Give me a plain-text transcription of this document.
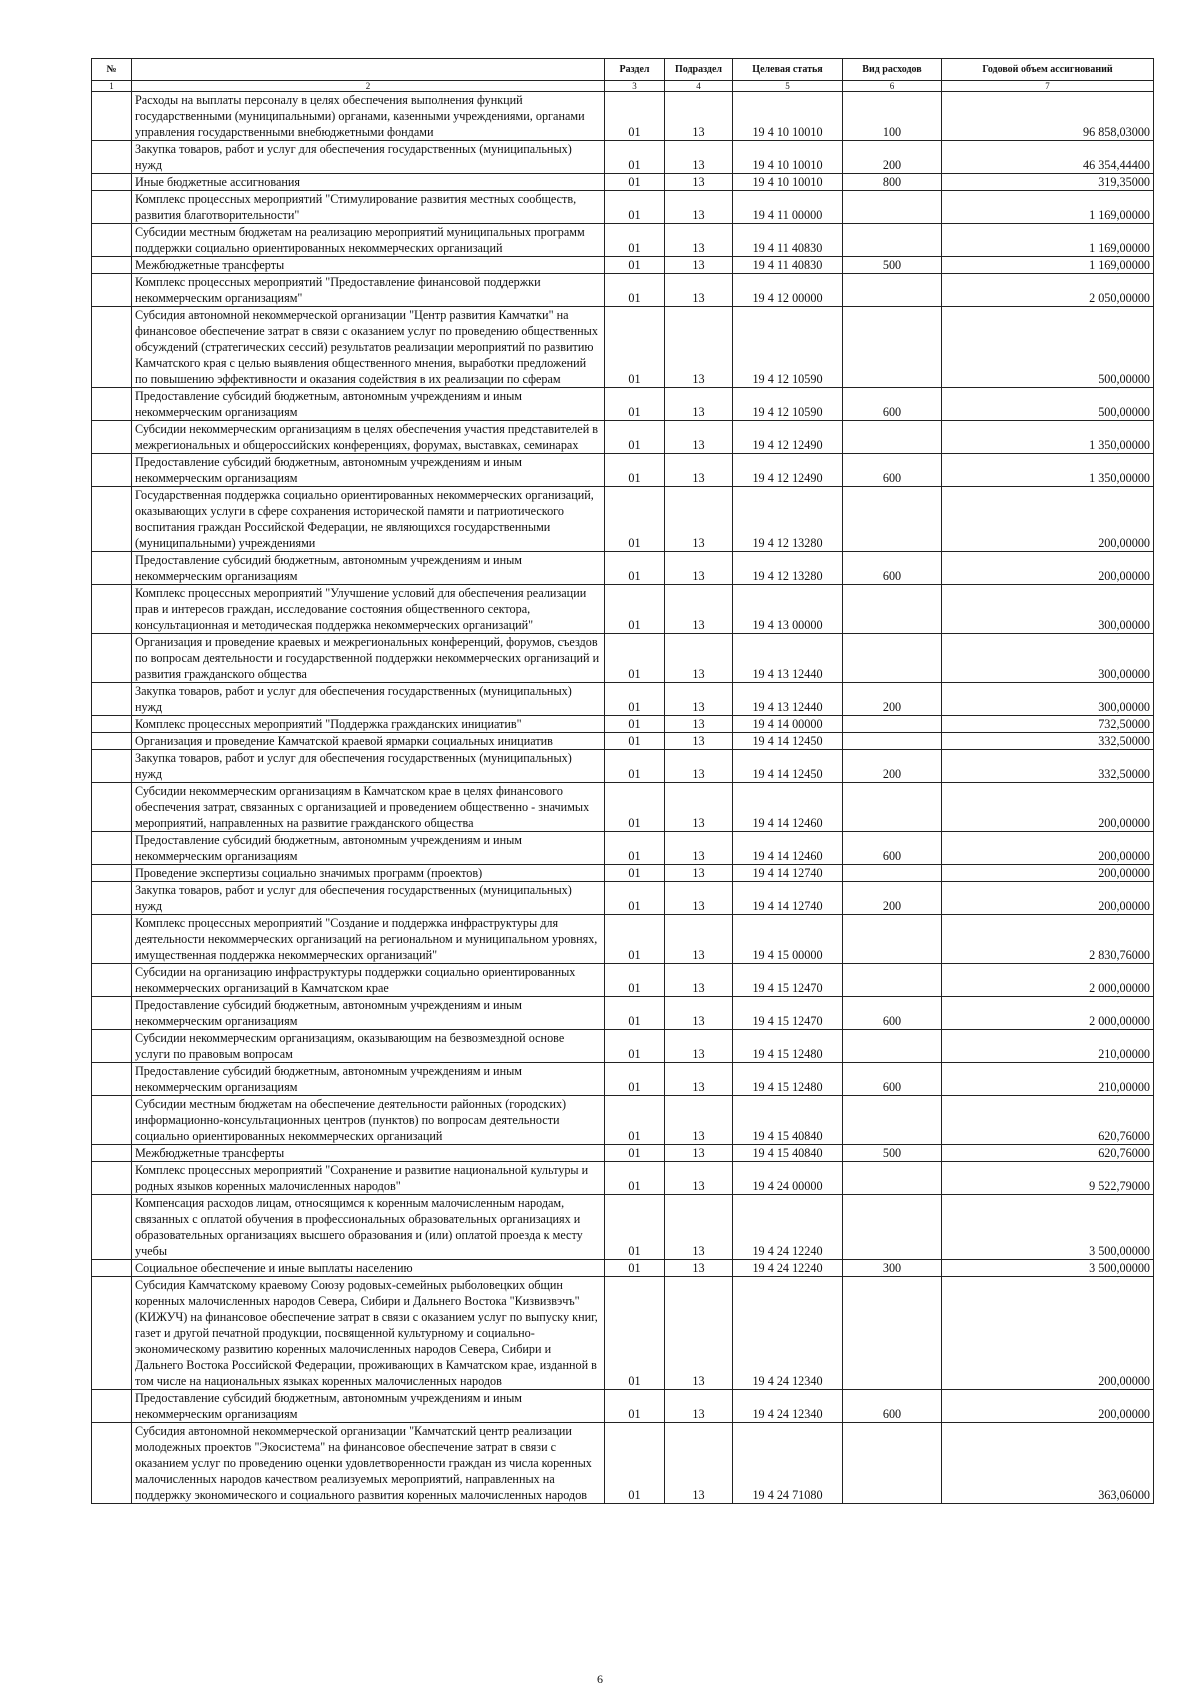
№		Раздел	Подраздел	Целевая статья	Вид расходов	Годовой объем ассигнований
1	2	3	4	5	6	7
	Расходы на выплаты персоналу в целях обеспечения выполнения функций государственными (муниципальными) органами, казенными учреждениями, органами управления государственными внебюджетными фондами	01	13	19 4 10 10010	100	96 858,03000
	Закупка товаров, работ и услуг для обеспечения государственных (муниципальных) нужд	01	13	19 4 10 10010	200	46 354,44400
	Иные бюджетные ассигнования	01	13	19 4 10 10010	800	319,35000
	Комплекс процессных мероприятий "Стимулирование развития местных сообществ, развития благотворительности"	01	13	19 4 11 00000		1 169,00000
	Субсидии местным бюджетам на реализацию мероприятий муниципальных программ поддержки социально ориентированных некоммерческих организаций	01	13	19 4 11 40830		1 169,00000
	Межбюджетные трансферты	01	13	19 4 11 40830	500	1 169,00000
	Комплекс процессных мероприятий "Предоставление финансовой поддержки некоммерческим организациям"	01	13	19 4 12 00000		2 050,00000
	Субсидия автономной некоммерческой организации "Центр развития Камчатки" на финансовое обеспечение затрат в связи с оказанием услуг по проведению общественных обсуждений (стратегических сессий) результатов реализации мероприятий по развитию Камчатского края с целью выявления общественного мнения, выработки предложений по повышению эффективности и оказания содействия в их реализации по сферам	01	13	19 4 12 10590		500,00000
	Предоставление субсидий бюджетным, автономным учреждениям и иным некоммерческим организациям	01	13	19 4 12 10590	600	500,00000
	Субсидии некоммерческим организациям в целях обеспечения участия представителей в межрегиональных и общероссийских конференциях, форумах, выставках, семинарах	01	13	19 4 12 12490		1 350,00000
	Предоставление субсидий бюджетным, автономным учреждениям и иным некоммерческим организациям	01	13	19 4 12 12490	600	1 350,00000
	Государственная поддержка социально ориентированных некоммерческих организаций, оказывающих услуги в сфере сохранения исторической памяти и патриотического воспитания граждан Российской Федерации, не являющихся государственными (муниципальными) учреждениями	01	13	19 4 12 13280		200,00000
	Предоставление субсидий бюджетным, автономным учреждениям и иным некоммерческим организациям	01	13	19 4 12 13280	600	200,00000
	Комплекс процессных мероприятий "Улучшение условий для обеспечения реализации прав и интересов граждан, исследование состояния общественного сектора, консультационная и методическая поддержка некоммерческих организаций"	01	13	19 4 13 00000		300,00000
	Организация и проведение краевых и межрегиональных конференций, форумов, съездов по вопросам деятельности и государственной поддержки некоммерческих организаций и развития гражданского общества	01	13	19 4 13 12440		300,00000
	Закупка товаров, работ и услуг для обеспечения государственных (муниципальных) нужд	01	13	19 4 13 12440	200	300,00000
	Комплекс процессных мероприятий "Поддержка гражданских инициатив"	01	13	19 4 14 00000		732,50000
	Организация и проведение Камчатской краевой ярмарки социальных инициатив	01	13	19 4 14 12450		332,50000
	Закупка товаров, работ и услуг для обеспечения государственных (муниципальных) нужд	01	13	19 4 14 12450	200	332,50000
	Субсидии некоммерческим организациям в Камчатском крае в целях финансового обеспечения затрат, связанных с организацией и проведением общественно - значимых мероприятий, направленных на развитие гражданского общества	01	13	19 4 14 12460		200,00000
	Предоставление субсидий бюджетным, автономным учреждениям и иным некоммерческим организациям	01	13	19 4 14 12460	600	200,00000
	Проведение экспертизы социально значимых программ (проектов)	01	13	19 4 14 12740		200,00000
	Закупка товаров, работ и услуг для обеспечения государственных (муниципальных) нужд	01	13	19 4 14 12740	200	200,00000
	Комплекс процессных мероприятий "Создание и поддержка инфраструктуры для деятельности некоммерческих организаций на региональном и муниципальном уровнях, имущественная поддержка некоммерческих организаций"	01	13	19 4 15 00000		2 830,76000
	Субсидии на организацию инфраструктуры поддержки социально ориентированных некоммерческих организаций в Камчатском крае	01	13	19 4 15 12470		2 000,00000
	Предоставление субсидий бюджетным, автономным учреждениям и иным некоммерческим организациям	01	13	19 4 15 12470	600	2 000,00000
	Субсидии некоммерческим организациям, оказывающим на безвозмездной основе услуги по правовым вопросам	01	13	19 4 15 12480		210,00000
	Предоставление субсидий бюджетным, автономным учреждениям и иным некоммерческим организациям	01	13	19 4 15 12480	600	210,00000
	Субсидии местным бюджетам на обеспечение деятельности районных (городских) информационно-консультационных центров (пунктов) по вопросам деятельности социально ориентированных некоммерческих организаций	01	13	19 4 15 40840		620,76000
	Межбюджетные трансферты	01	13	19 4 15 40840	500	620,76000
	Комплекс процессных мероприятий "Сохранение и развитие национальной культуры и родных языков коренных малочисленных народов"	01	13	19 4 24 00000		9 522,79000
	Компенсация расходов лицам, относящимся к коренным малочисленным народам, связанных с оплатой обучения в профессиональных образовательных организациях и образовательных организациях высшего образования и (или) оплатой проезда к месту учебы	01	13	19 4 24 12240		3 500,00000
	Социальное обеспечение и иные выплаты населению	01	13	19 4 24 12240	300	3 500,00000
	Субсидия Камчатскому краевому Союзу родовых-семейных рыболовецких общин коренных малочисленных народов Севера, Сибири и Дальнего Востока "Кизвизвэчъ" (КИЖУЧ) на финансовое обеспечение затрат в связи с оказанием услуг по выпуску книг, газет и другой печатной продукции, посвященной культурному и социально-экономическому развитию коренных малочисленных народов Севера, Сибири и Дальнего Востока Российской Федерации, проживающих в Камчатском крае, изданной в том числе на национальных языках коренных малочисленных народов	01	13	19 4 24 12340		200,00000
	Предоставление субсидий бюджетным, автономным учреждениям и иным некоммерческим организациям	01	13	19 4 24 12340	600	200,00000
	Субсидия автономной некоммерческой организации "Камчатский центр реализации молодежных проектов "Экосистема" на финансовое обеспечение затрат в связи с оказанием услуг по проведению оценки удовлетворенности граждан из числа коренных малочисленных народов качеством реализуемых мероприятий, направленных на поддержку экономического и социального развития коренных малочисленных народов	01	13	19 4 24 71080		363,06000
6
